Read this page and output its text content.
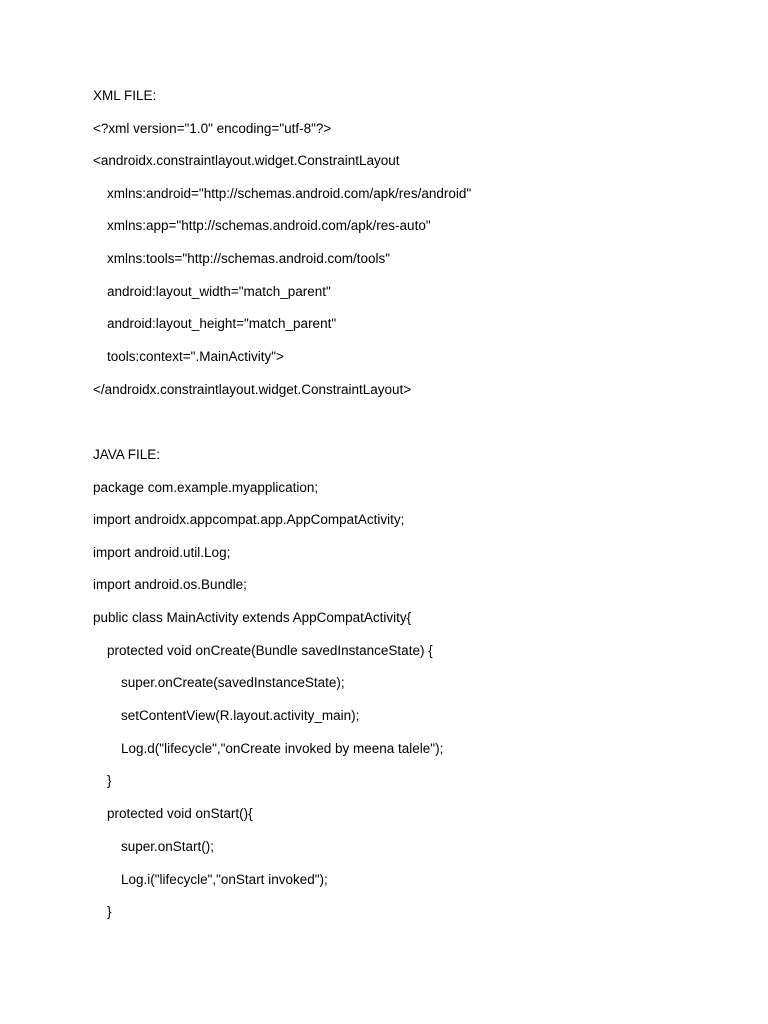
XML FILE:
<?xml version="1.0" encoding="utf-8"?>
<androidx.constraintlayout.widget.ConstraintLayout
xmlns:android="http://schemas.android.com/apk/res/android"
xmlns:app="http://schemas.android.com/apk/res-auto"
xmlns:tools="http://schemas.android.com/tools"
android:layout_width="match_parent"
android:layout_height="match_parent"
tools:context=".MainActivity">
</androidx.constraintlayout.widget.ConstraintLayout>
JAVA FILE:
package com.example.myapplication;
import androidx.appcompat.app.AppCompatActivity;
import android.util.Log;
import android.os.Bundle;
public class MainActivity extends AppCompatActivity{
protected void onCreate(Bundle savedInstanceState) {
super.onCreate(savedInstanceState);
setContentView(R.layout.activity_main);
Log.d("lifecycle","onCreate invoked by meena talele");
}
protected void onStart(){
super.onStart();
Log.i("lifecycle","onStart invoked");
}
